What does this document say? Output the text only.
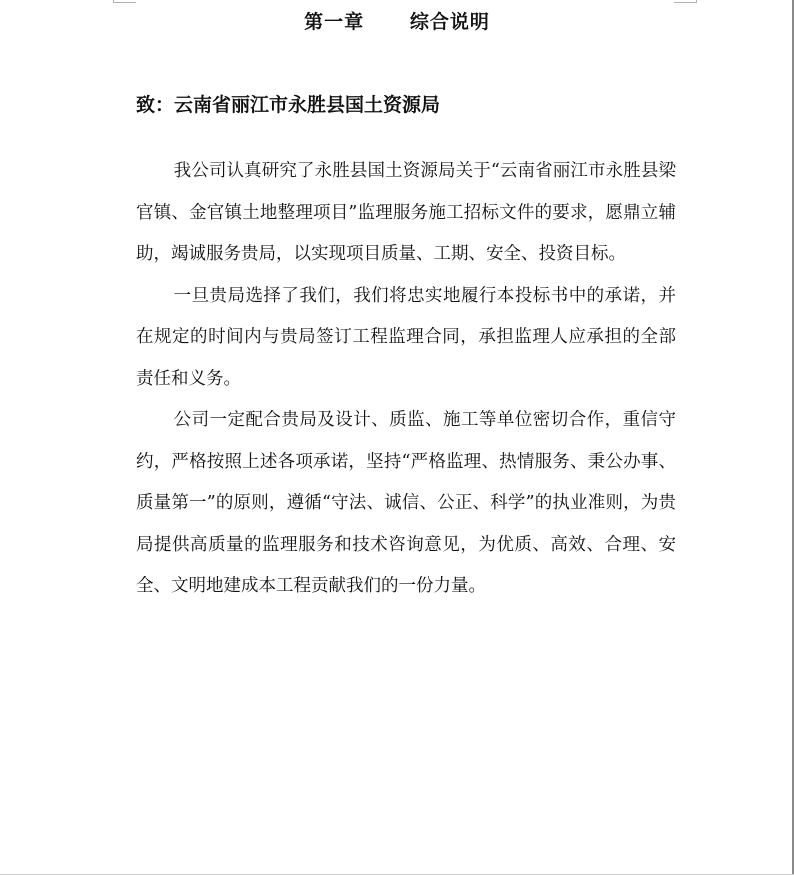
第一章      综合说明
致：云南省丽江市永胜县国土资源局

我公司认真研究了永胜县国土资源局关于“云南省丽江市永胜县梁官镇、金官镇土地整理项目”监理服务施工招标文件的要求，愿鼎立辅助，竭诚服务贵局，以实现项目质量、工期、安全、投资目标。

一旦贵局选择了我们，我们将忠实地履行本投标书中的承诺，并在规定的时间内与贵局签订工程监理合同，承担监理人应承担的全部责任和义务。

公司一定配合贵局及设计、质监、施工等单位密切合作，重信守约，严格按照上述各项承诺，坚持“严格监理、热情服务、秉公办事、质量第一”的原则，遵循“守法、诚信、公正、科学”的执业准则，为贵局提供高质量的监理服务和技术咨询意见，为优质、高效、合理、安全、文明地建成本工程贡献我们的一份力量。
